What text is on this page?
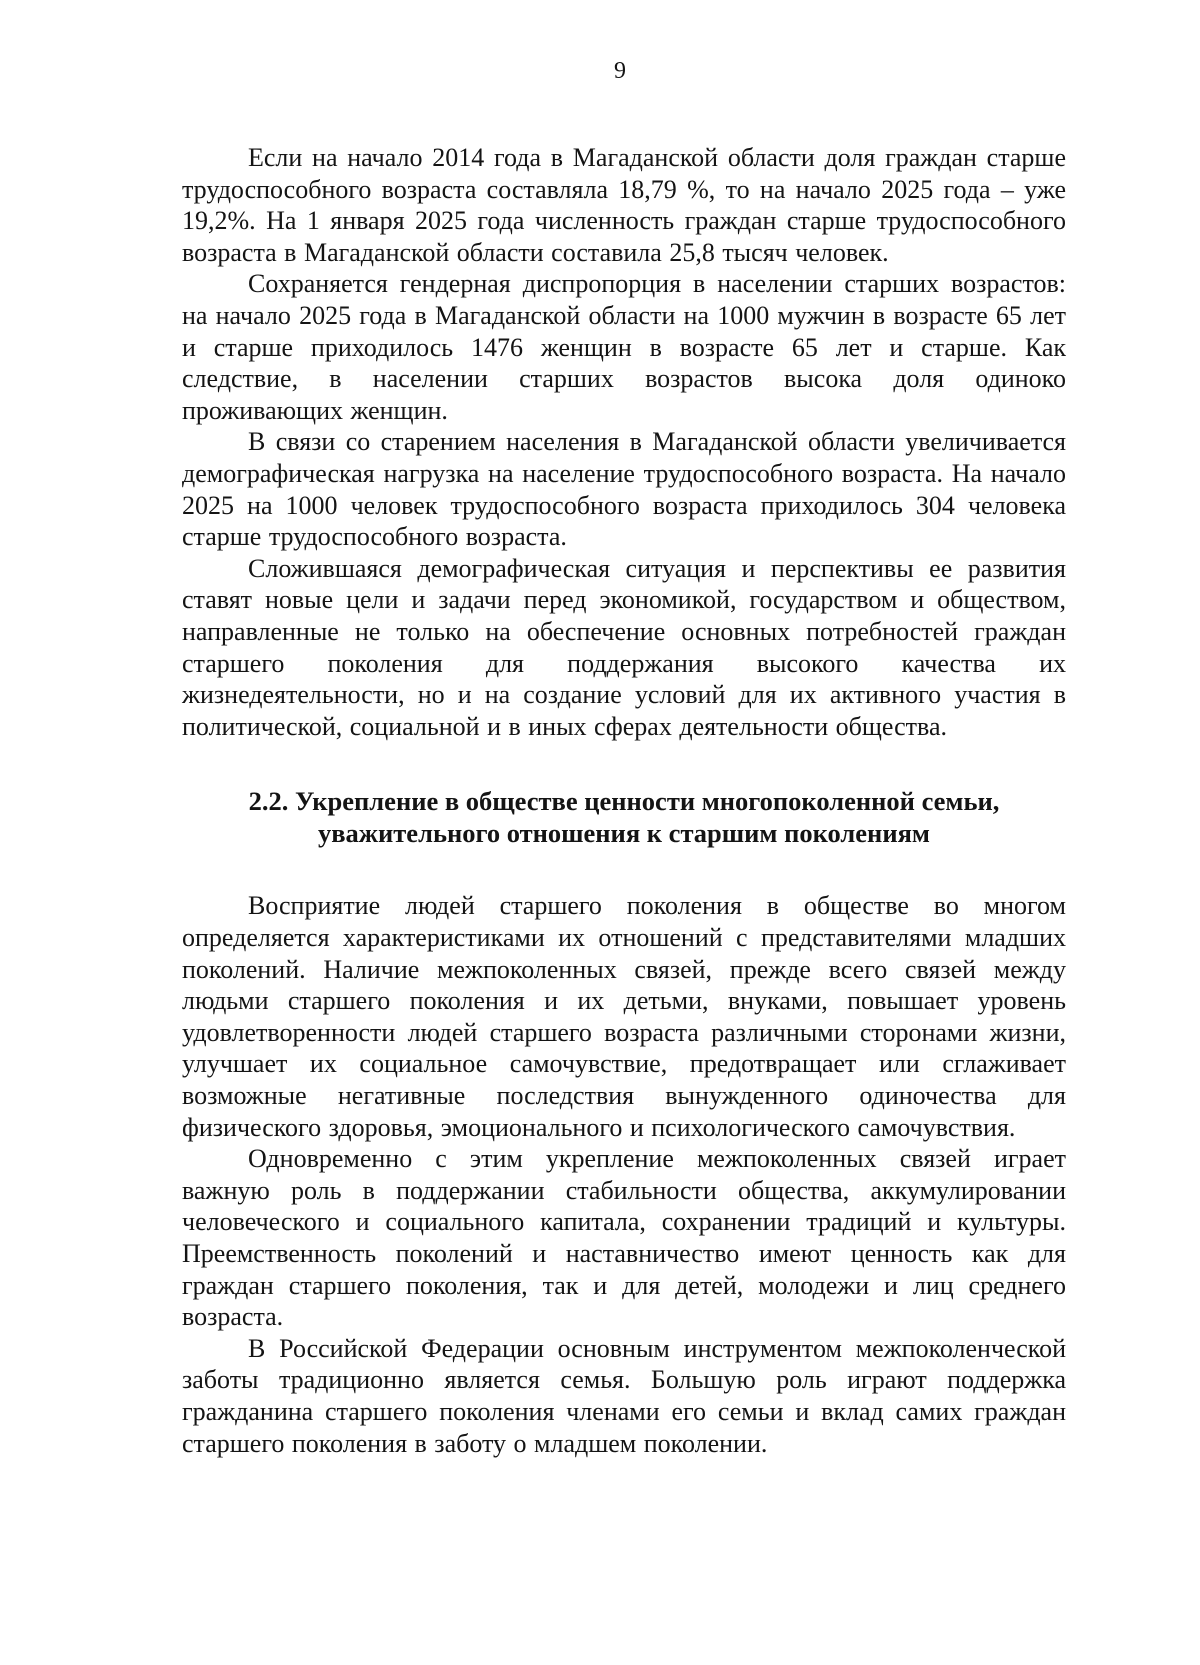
9

Если на начало 2014 года в Магаданской области доля граждан старше трудоспособного возраста составляла 18,79 %, то на начало 2025 года – уже 19,2%. На 1 января 2025 года численность граждан старше трудоспособного возраста в Магаданской области составила 25,8 тысяч человек.

Сохраняется гендерная диспропорция в населении старших возрастов: на начало 2025 года в Магаданской области на 1000 мужчин в возрасте 65 лет и старше приходилось 1476 женщин в возрасте 65 лет и старше. Как следствие, в населении старших возрастов высока доля одиноко проживающих женщин.

В связи со старением населения в Магаданской области увеличивается демографическая нагрузка на население трудоспособного возраста. На начало 2025 на 1000 человек трудоспособного возраста приходилось 304 человека старше трудоспособного возраста.

Сложившаяся демографическая ситуация и перспективы ее развития ставят новые цели и задачи перед экономикой, государством и обществом, направленные не только на обеспечение основных потребностей граждан старшего поколения для поддержания высокого качества их жизнедеятельности, но и на создание условий для их активного участия в политической, социальной и в иных сферах деятельности общества.

2.2. Укрепление в обществе ценности многопоколенной семьи,
уважительного отношения к старшим поколениям

Восприятие людей старшего поколения в обществе во многом определяется характеристиками их отношений с представителями младших поколений. Наличие межпоколенных связей, прежде всего связей между людьми старшего поколения и их детьми, внуками, повышает уровень удовлетворенности людей старшего возраста различными сторонами жизни, улучшает их социальное самочувствие, предотвращает или сглаживает возможные негативные последствия вынужденного одиночества для физического здоровья, эмоционального и психологического самочувствия.

Одновременно с этим укрепление межпоколенных связей играет важную роль в поддержании стабильности общества, аккумулировании человеческого и социального капитала, сохранении традиций и культуры. Преемственность поколений и наставничество имеют ценность как для граждан старшего поколения, так и для детей, молодежи и лиц среднего возраста.

В Российской Федерации основным инструментом межпоколенческой заботы традиционно является семья. Большую роль играют поддержка гражданина старшего поколения членами его семьи и вклад самих граждан старшего поколения в заботу о младшем поколении.
